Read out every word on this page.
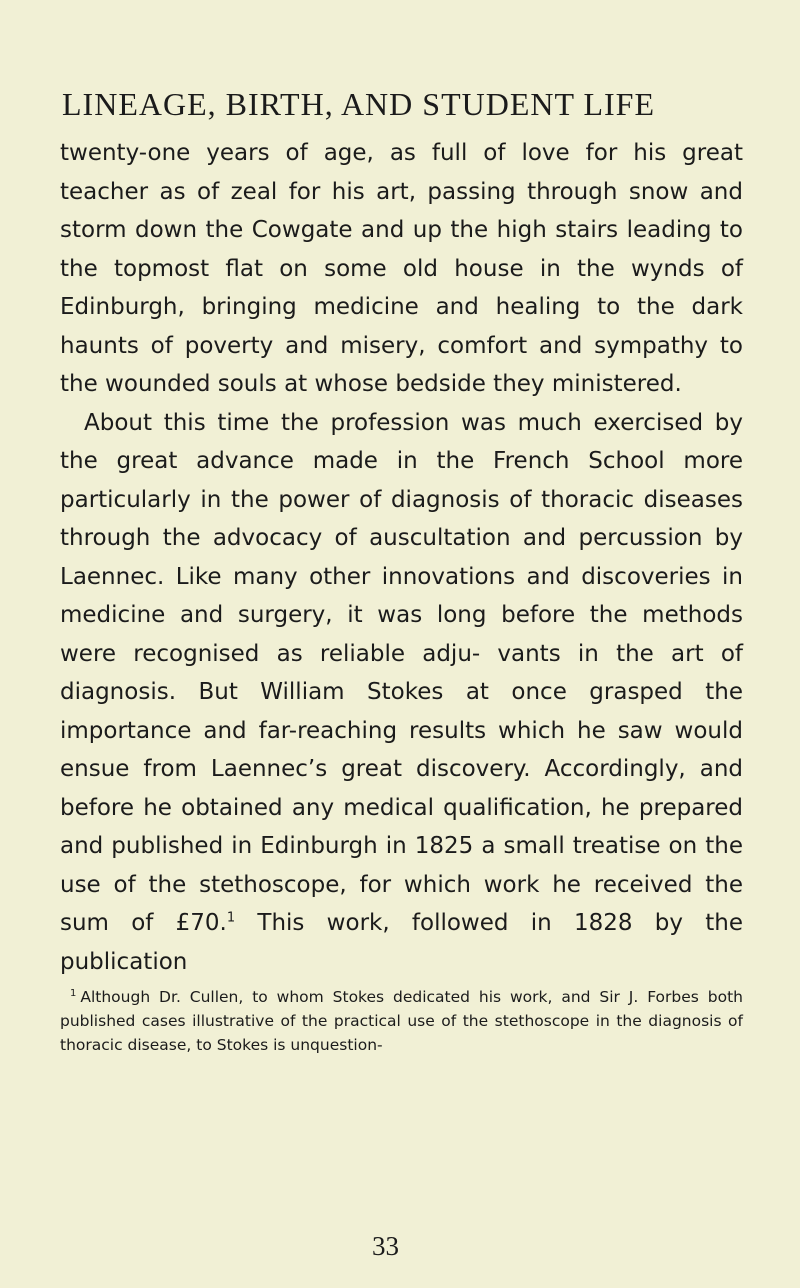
LINEAGE, BIRTH, AND STUDENT LIFE

twenty-one years of age, as full of love for his great teacher as of zeal for his art, passing through snow and storm down the Cowgate and up the high stairs leading to the topmost flat on some old house in the wynds of Edinburgh, bringing medicine and healing to the dark haunts of poverty and misery, comfort and sympathy to the wounded souls at whose bedside they ministered.

About this time the profession was much exercised by the great advance made in the French School more particularly in the power of diagnosis of thoracic diseases through the advocacy of auscultation and percussion by Laennec. Like many other innovations and discoveries in medicine and surgery, it was long before the methods were recognised as reliable adju- vants in the art of diagnosis. But William Stokes at once grasped the importance and far-reaching results which he saw would ensue from Laennec’s great discovery. Accordingly, and before he obtained any medical qualification, he prepared and published in Edinburgh in 1825 a small treatise on the use of the stethoscope, for which work he received the sum of £70.$^1$ This work, followed in 1828 by the publication

$^1$ Although Dr. Cullen, to whom Stokes dedicated his work, and Sir J. Forbes both published cases illustrative of the practical use of the stethoscope in the diagnosis of thoracic disease, to Stokes is unquestion-
33
